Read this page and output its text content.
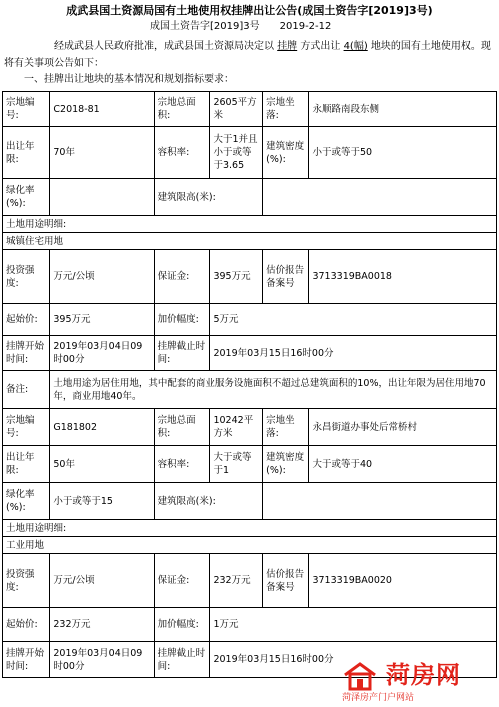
成武县国土资源局国有土地使用权挂牌出让公告(成国土资告字[2019]3号)
成国土资告字[2019]3号 2019-2-12
经成武县人民政府批准，成武县国土资源局决定以 挂牌 方式出让 4(幅) 地块的国有土地使用权。现将有关事项公告如下：
一、挂牌出让地块的基本情况和规划指标要求：
宗地编号:	C2018-81	宗地总面积:	2605平方米	宗地坐落:	永顺路南段东侧
出让年限:	70年	容积率:	大于1并且小于或等于3.65	建筑密度(%):	小于或等于50
绿化率(%):		建筑限高(米):			
土地用途明细:					
城镇住宅用地					
投资强度:	万元/公顷	保证金:	395万元	估价报告备案号	3713319BA0018
起始价:	395万元	加价幅度:	5万元		
挂牌开始时间:	2019年03月04日09时00分	挂牌截止时间:	2019年03月15日16时00分		
备注:	土地用途为居住用地，其中配套的商业服务设施面积不超过总建筑面积的10%，出让年限为居住用地70年，商业用地40年。				
宗地编号:	G181802	宗地总面积:	10242平方米	宗地坐落:	永昌街道办事处后常桥村
出让年限:	50年	容积率:	大于或等于1	建筑密度(%):	大于或等于40
绿化率(%):	小于或等于15	建筑限高(米):			
土地用途明细:					
工业用地					
投资强度:	万元/公顷	保证金:	232万元	估价报告备案号	3713319BA0020
起始价:	232万元	加价幅度:	1万元		
挂牌开始时间:	2019年03月04日09时00分	挂牌截止时间:	2019年03月15日16时00分		
菏房网
菏泽房产门户网站
